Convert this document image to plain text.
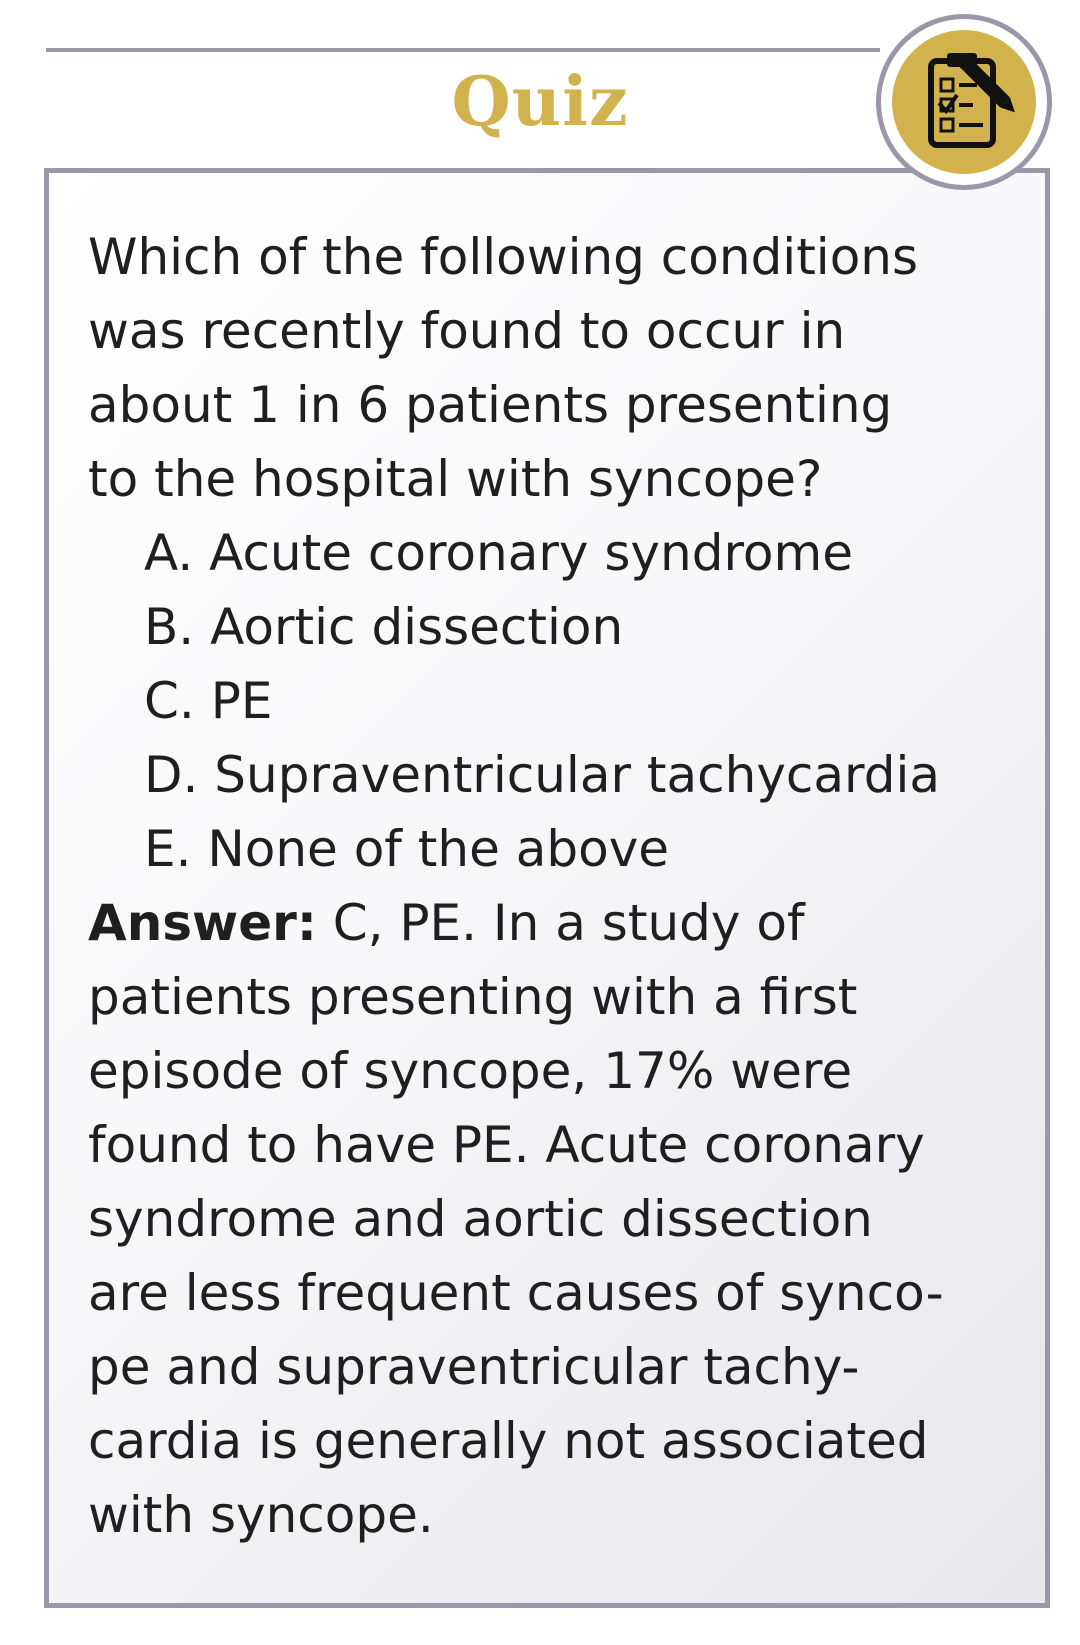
Quiz

Which of the following conditions

was recently found to occur in

about 1 in 6 patients presenting

to the hospital with syncope?

A. Acute coronary syndrome

B. Aortic dissection

C. PE

D. Supraventricular tachycardia

E. None of the above

Answer: C, PE. In a study of

patients presenting with a first

episode of syncope, 17% were

found to have PE. Acute coronary

syndrome and aortic dissection

are less frequent causes of synco-

pe and supraventricular tachy-

cardia is generally not associated

with syncope.
